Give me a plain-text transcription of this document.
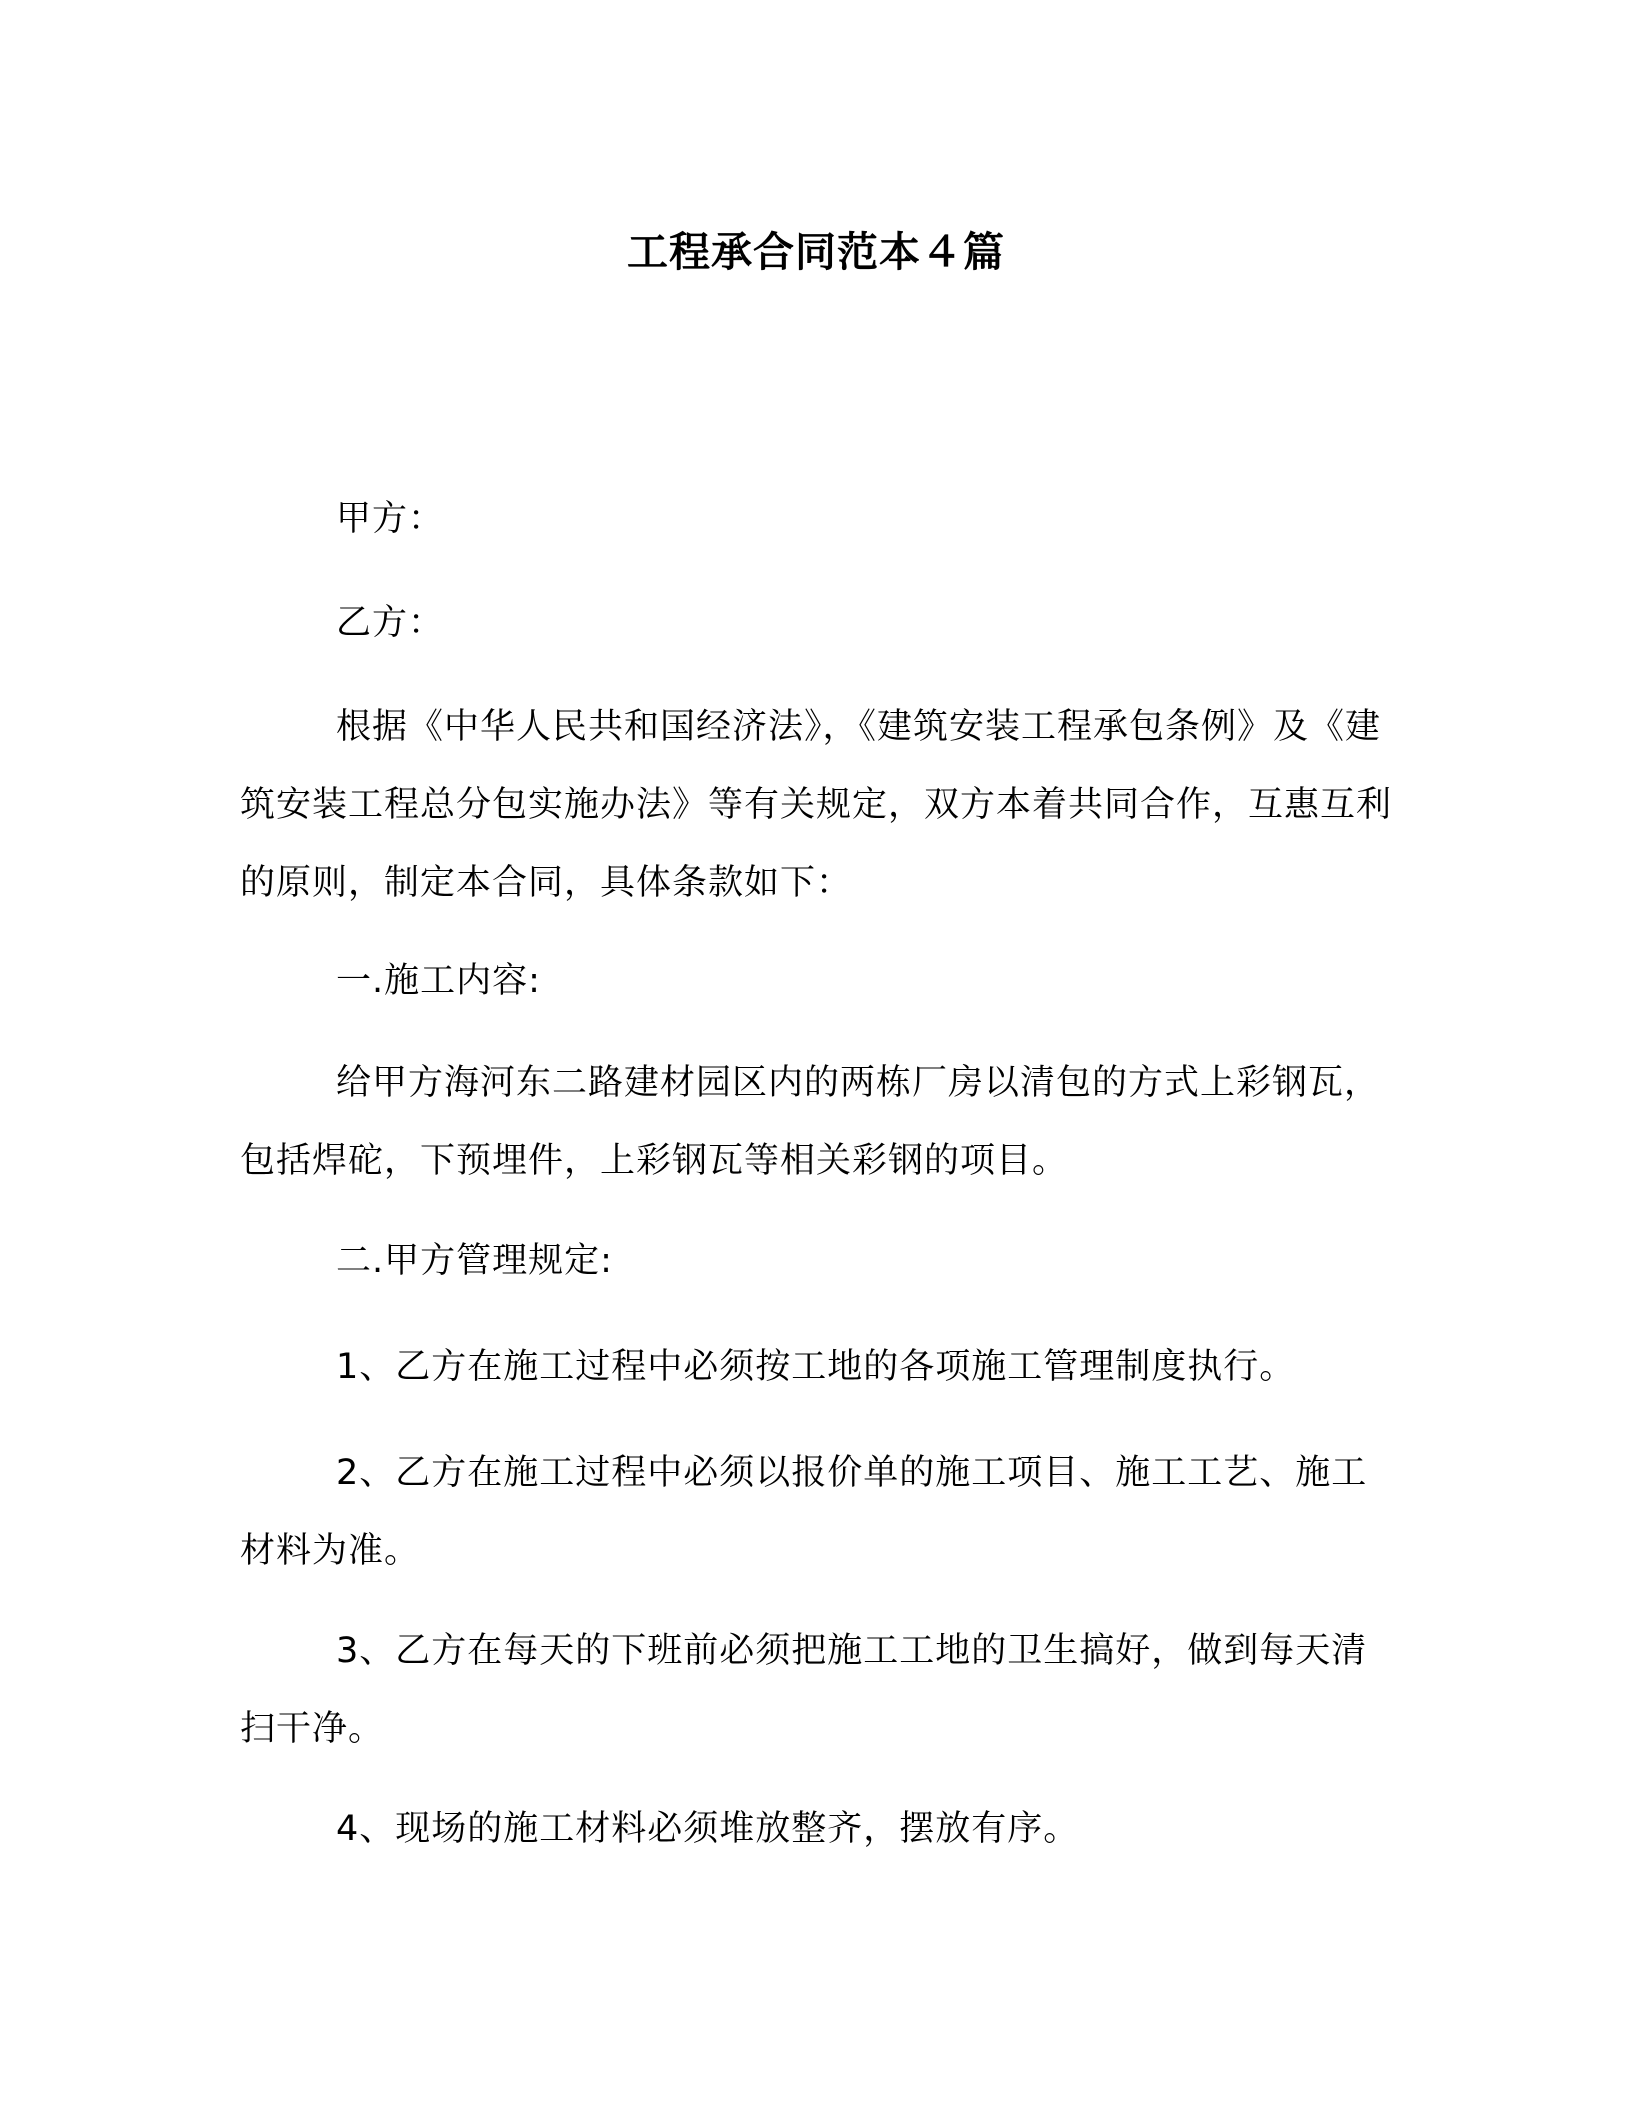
工程承合同范本４篇

甲方：

乙方：

根据《中华人民共和国经济法》，《建筑安装工程承包条例》及《建筑安装工程总分包实施办法》等有关规定，双方本着共同合作，互惠互利的原则，制定本合同，具体条款如下：

一.施工内容:

给甲方海河东二路建材园区内的两栋厂房以清包的方式上彩钢瓦，包括焊砣，下预埋件，上彩钢瓦等相关彩钢的项目。

二.甲方管理规定:

1、乙方在施工过程中必须按工地的各项施工管理制度执行。

2、乙方在施工过程中必须以报价单的施工项目、施工工艺、施工材料为准。

3、乙方在每天的下班前必须把施工工地的卫生搞好，做到每天清扫干净。

4、现场的施工材料必须堆放整齐，摆放有序。
